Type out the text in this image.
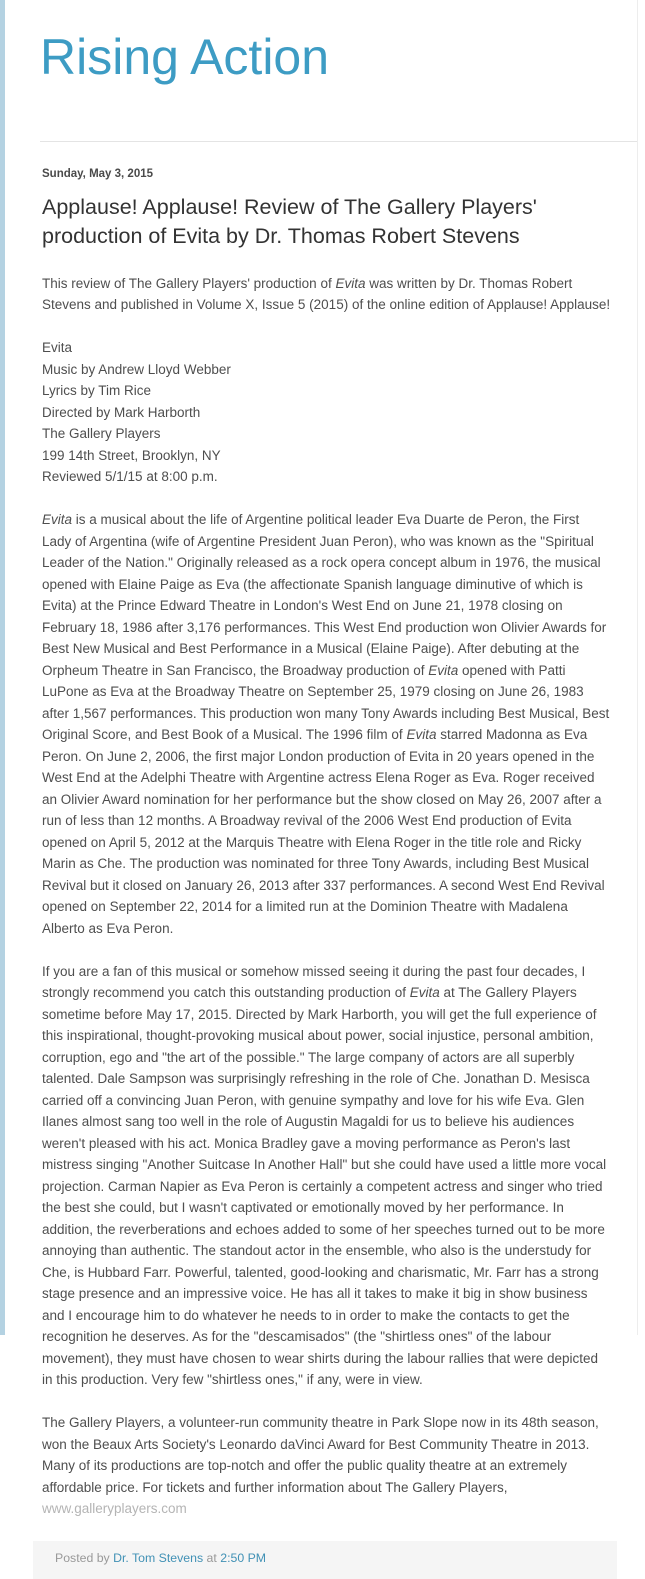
Rising Action
Sunday, May 3, 2015
Applause! Applause! Review of The Gallery Players' production of Evita by Dr. Thomas Robert Stevens

This review of The Gallery Players' production of Evita was written by Dr. Thomas Robert Stevens and published in Volume X, Issue 5 (2015) of the online edition of Applause! Applause!

Evita
Music by Andrew Lloyd Webber
Lyrics by Tim Rice
Directed by Mark Harborth
The Gallery Players
199 14th Street, Brooklyn, NY
Reviewed 5/1/15 at 8:00 p.m.

Evita is a musical about the life of Argentine political leader Eva Duarte de Peron, the First Lady of Argentina (wife of Argentine President Juan Peron), who was known as the "Spiritual Leader of the Nation." Originally released as a rock opera concept album in 1976, the musical opened with Elaine Paige as Eva (the affectionate Spanish language diminutive of which is Evita) at the Prince Edward Theatre in London's West End on June 21, 1978 closing on February 18, 1986 after 3,176 performances. This West End production won Olivier Awards for Best New Musical and Best Performance in a Musical (Elaine Paige). After debuting at the Orpheum Theatre in San Francisco, the Broadway production of Evita opened with Patti LuPone as Eva at the Broadway Theatre on September 25, 1979 closing on June 26, 1983 after 1,567 performances. This production won many Tony Awards including Best Musical, Best Original Score, and Best Book of a Musical. The 1996 film of Evita starred Madonna as Eva Peron. On June 2, 2006, the first major London production of Evita in 20 years opened in the West End at the Adelphi Theatre with Argentine actress Elena Roger as Eva. Roger received an Olivier Award nomination for her performance but the show closed on May 26, 2007 after a run of less than 12 months. A Broadway revival of the 2006 West End production of Evita opened on April 5, 2012 at the Marquis Theatre with Elena Roger in the title role and Ricky Marin as Che. The production was nominated for three Tony Awards, including Best Musical Revival but it closed on January 26, 2013 after 337 performances. A second West End Revival opened on September 22, 2014 for a limited run at the Dominion Theatre with Madalena Alberto as Eva Peron.

If you are a fan of this musical or somehow missed seeing it during the past four decades, I strongly recommend you catch this outstanding production of Evita at The Gallery Players sometime before May 17, 2015. Directed by Mark Harborth, you will get the full experience of this inspirational, thought-provoking musical about power, social injustice, personal ambition, corruption, ego and "the art of the possible." The large company of actors are all superbly talented. Dale Sampson was surprisingly refreshing in the role of Che. Jonathan D. Mesisca carried off a convincing Juan Peron, with genuine sympathy and love for his wife Eva. Glen Ilanes almost sang too well in the role of Augustin Magaldi for us to believe his audiences weren't pleased with his act. Monica Bradley gave a moving performance as Peron's last mistress singing "Another Suitcase In Another Hall" but she could have used a little more vocal projection. Carman Napier as Eva Peron is certainly a competent actress and singer who tried the best she could, but I wasn't captivated or emotionally moved by her performance. In addition, the reverberations and echoes added to some of her speeches turned out to be more annoying than authentic. The standout actor in the ensemble, who also is the understudy for Che, is Hubbard Farr. Powerful, talented, good-looking and charismatic, Mr. Farr has a strong stage presence and an impressive voice. He has all it takes to make it big in show business and I encourage him to do whatever he needs to in order to make the contacts to get the recognition he deserves. As for the "descamisados" (the "shirtless ones" of the labour movement), they must have chosen to wear shirts during the labour rallies that were depicted in this production. Very few "shirtless ones," if any, were in view.

The Gallery Players, a volunteer-run community theatre in Park Slope now in its 48th season, won the Beaux Arts Society's Leonardo daVinci Award for Best Community Theatre in 2013. Many of its productions are top-notch and offer the public quality theatre at an extremely affordable price. For tickets and further information about The Gallery Players, www.galleryplayers.com

Posted by Dr. Tom Stevens at 2:50 PM
